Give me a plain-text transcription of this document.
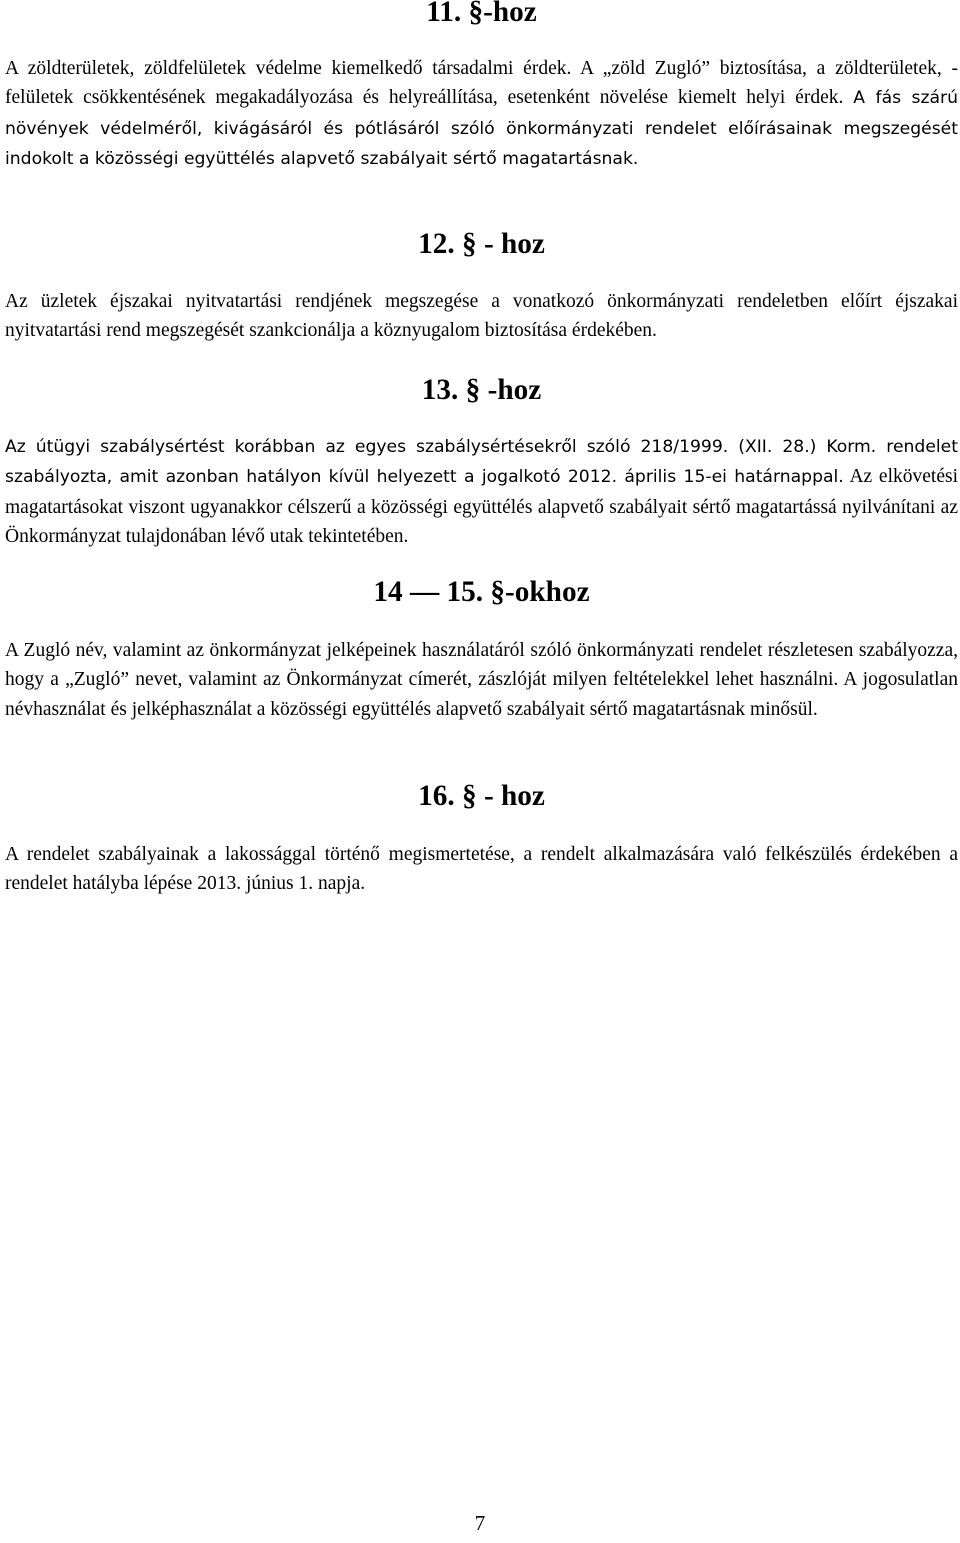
11. §-hoz

A zöldterületek, zöldfelületek védelme kiemelkedő társadalmi érdek. A „zöld Zugló” biztosítása, a zöldterületek, -felületek csökkentésének megakadályozása és helyreállítása, esetenként növelése kiemelt helyi érdek. A fás szárú növények védelméről, kivágásáról és pótlásáról szóló önkormányzati rendelet előírásainak megszegését indokolt a közösségi együttélés alapvető szabályait sértő magatartásnak.

12. § - hoz

Az üzletek éjszakai nyitvatartási rendjének megszegése a vonatkozó önkormányzati rendeletben előírt éjszakai nyitvatartási rend megszegését szankcionálja a köznyugalom biztosítása érdekében.

13. § -hoz

Az útügyi szabálysértést korábban az egyes szabálysértésekről szóló 218/1999. (XII. 28.) Korm. rendelet szabályozta, amit azonban hatályon kívül helyezett a jogalkotó 2012. április 15-ei határnappal. Az elkövetési magatartásokat viszont ugyanakkor célszerű a közösségi együttélés alapvető szabályait sértő magatartássá nyilvánítani az Önkormányzat tulajdonában lévő utak tekintetében.

14 — 15. §-okhoz

A Zugló név, valamint az önkormányzat jelképeinek használatáról szóló önkormányzati rendelet részletesen szabályozza, hogy a „Zugló” nevet, valamint az Önkormányzat címerét, zászlóját milyen feltételekkel lehet használni. A jogosulatlan névhasználat és jelképhasználat a közösségi együttélés alapvető szabályait sértő magatartásnak minősül.

16. § - hoz

A rendelet szabályainak a lakossággal történő megismertetése, a rendelt alkalmazására való felkészülés érdekében a rendelet hatályba lépése 2013. június 1. napja.

7
